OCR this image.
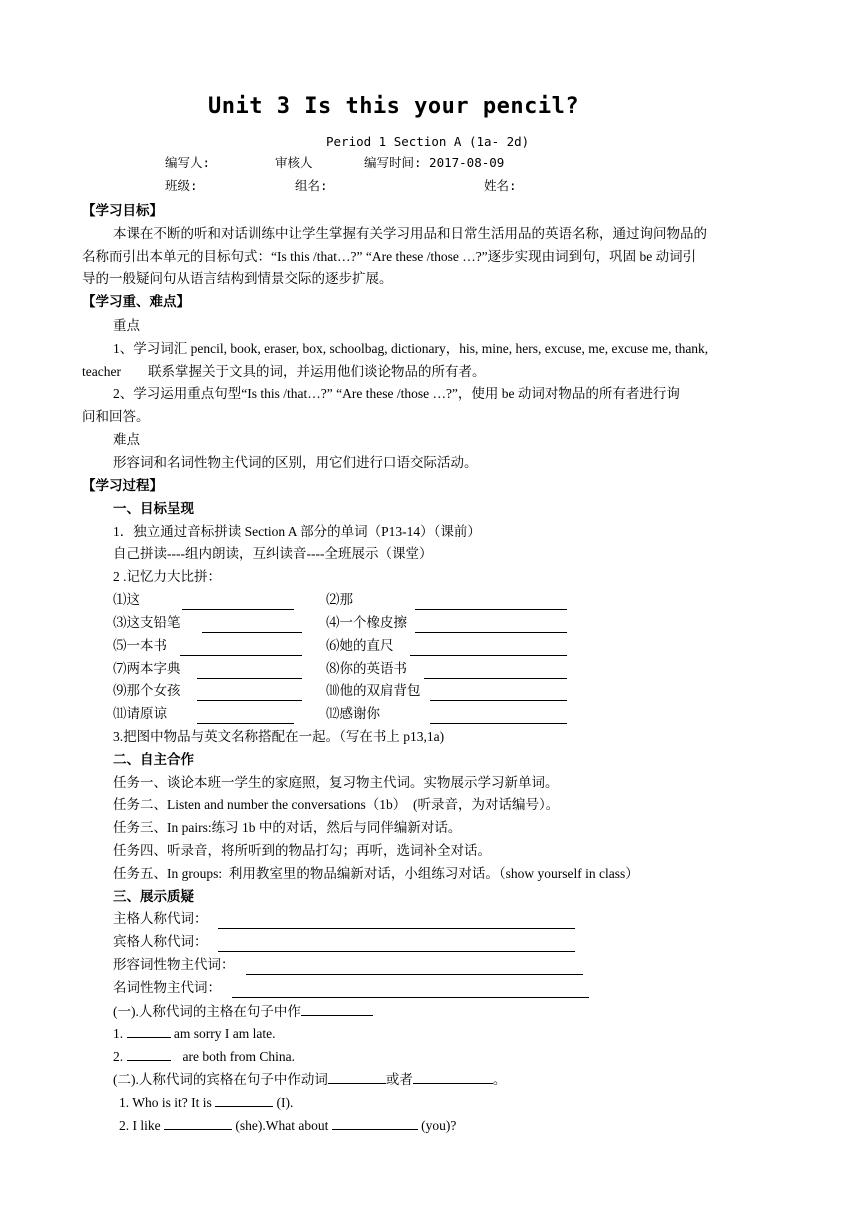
Unit 3 Is this your pencil?
Period 1 Section A (1a- 2d)
编写人:	审核人	编写时间: 2017-08-09
班级:	组名:	姓名:
【学习目标】
本课在不断的听和对话训练中让学生掌握有关学习用品和日常生活用品的英语名称，通过询问物品的
名称而引出本单元的目标句式：“Is this /that…?” “Are these /those …?”逐步实现由词到句，巩固 be 动词引
导的一般疑问句从语言结构到情景交际的逐步扩展。
【学习重、难点】
重点
1、学习词汇 pencil, book, eraser, box, schoolbag, dictionary，his, mine, hers, excuse, me, excuse me, thank,
teacher        联系掌握关于文具的词，并运用他们谈论物品的所有者。
2、学习运用重点句型“Is this /that…?” “Are these /those …?”，使用 be 动词对物品的所有者进行询
问和回答。
难点
形容词和名词性物主代词的区别，用它们进行口语交际活动。
【学习过程】
一、目标呈现
1．独立通过音标拼读 Section A 部分的单词（P13-14）（课前）
自己拼读----组内朗读，互纠读音----全班展示（课堂）
2 .记忆力大比拼：
⑴这	⑵那
⑶这支铅笔	⑷一个橡皮擦
⑸一本书	⑹她的直尺
⑺两本字典	⑻你的英语书
⑼那个女孩	⑽他的双肩背包
⑾请原谅	⑿感谢你
3.把图中物品与英文名称搭配在一起。（写在书上 p13,1a)
二、自主合作
任务一、谈论本班一学生的家庭照，复习物主代词。实物展示学习新单词。
任务二、Listen and number the conversations（1b）  (听录音，为对话编号）。
任务三、In pairs:练习 1b 中的对话，然后与同伴编新对话。
任务四、听录音，将所听到的物品打勾；再听，选词补全对话。
任务五、In groups:  利用教室里的物品编新对话，小组练习对话。（show yourself in class）
三、展示质疑
主格人称代词：
宾格人称代词：
形容词性物主代词：
名词性物主代词：
(一).人称代词的主格在句子中作
1.	am sorry I am late.
2.	are both from China.
(二).人称代词的宾格在句子中作动词	或者	。
1. Who is it? It is	(I).
2. I like	(she).What about	(you)?
